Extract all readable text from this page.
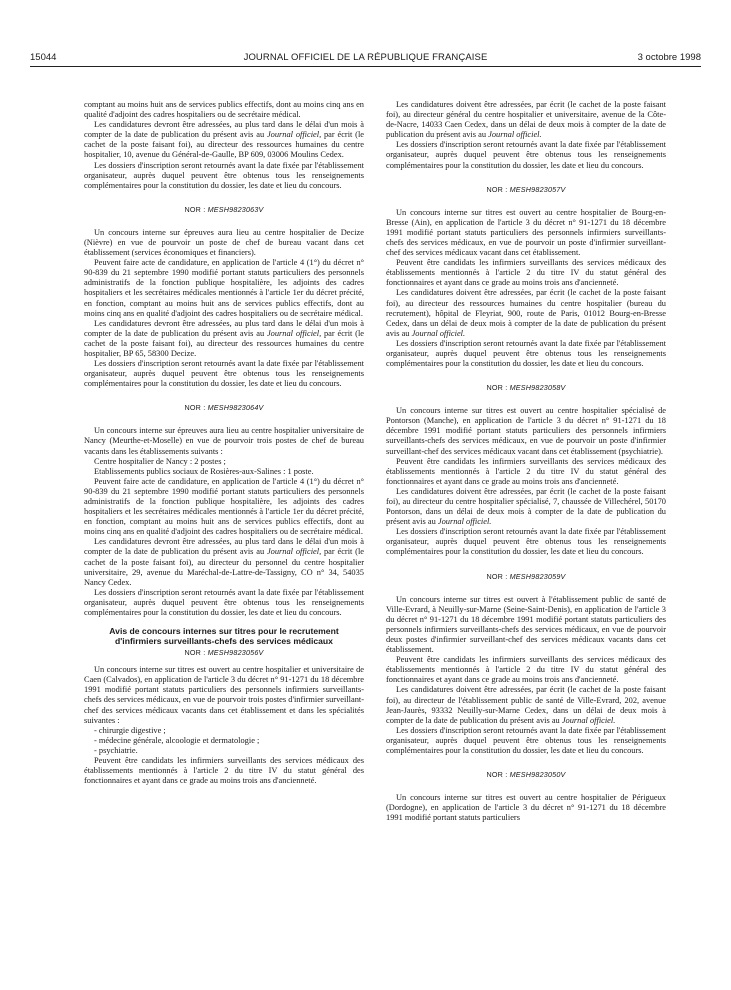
15044	JOURNAL OFFICIEL DE LA RÉPUBLIQUE FRANÇAISE	3 octobre 1998

comptant au moins huit ans de services publics effectifs, dont au moins cinq ans en qualité d'adjoint des cadres hospitaliers ou de secrétaire médical.

Les candidatures devront être adressées, au plus tard dans le délai d'un mois à compter de la date de publication du présent avis au Journal officiel, par écrit (le cachet de la poste faisant foi), au directeur des ressources humaines du centre hospitalier, 10, avenue du Général-de-Gaulle, BP 609, 03006 Moulins Cedex.

Les dossiers d'inscription seront retournés avant la date fixée par l'établissement organisateur, auprès duquel peuvent être obtenus tous les renseignements complémentaires pour la constitution du dossier, les date et lieu du concours.

NOR : MESH9823063V

Un concours interne sur épreuves aura lieu au centre hospitalier de Decize (Nièvre) en vue de pourvoir un poste de chef de bureau vacant dans cet établissement (services économiques et financiers).

Peuvent faire acte de candidature, en application de l'article 4 (1°) du décret n° 90-839 du 21 septembre 1990 modifié portant statuts particuliers des personnels administratifs de la fonction publique hospitalière, les adjoints des cadres hospitaliers et les secrétaires médicales mentionnés à l'article 1er du décret précité, en fonction, comptant au moins huit ans de services publics effectifs, dont au moins cinq ans en qualité d'adjoint des cadres hospitaliers ou de secrétaire médical.

Les candidatures devront être adressées, au plus tard dans le délai d'un mois à compter de la date de publication du présent avis au Journal officiel, par écrit (le cachet de la poste faisant foi), au directeur des ressources humaines du centre hospitalier, BP 65, 58300 Decize.

Les dossiers d'inscription seront retournés avant la date fixée par l'établissement organisateur, auprès duquel peuvent être obtenus tous les renseignements complémentaires pour la constitution du dossier, les date et lieu du concours.

NOR : MESH9823064V

Un concours interne sur épreuves aura lieu au centre hospitalier universitaire de Nancy (Meurthe-et-Moselle) en vue de pourvoir trois postes de chef de bureau vacants dans les établissements suivants :

Centre hospitalier de Nancy : 2 postes ;

Etablissements publics sociaux de Rosières-aux-Salines : 1 poste.

Peuvent faire acte de candidature, en application de l'article 4 (1°) du décret n° 90-839 du 21 septembre 1990 modifié portant statuts particuliers des personnels administratifs de la fonction publique hospitalière, les adjoints des cadres hospitaliers et les secrétaires médicales mentionnés à l'article 1er du décret précité, en fonction, comptant au moins huit ans de services publics effectifs, dont au moins cinq ans en qualité d'adjoint des cadres hospitaliers ou de secrétaire médical.

Les candidatures devront être adressées, au plus tard dans le délai d'un mois à compter de la date de publication du présent avis au Journal officiel, par écrit (le cachet de la poste faisant foi), au directeur du personnel du centre hospitalier universitaire, 29, avenue du Maréchal-de-Lattre-de-Tassigny, CO n° 34, 54035 Nancy Cedex.

Les dossiers d'inscription seront retournés avant la date fixée par l'établissement organisateur, auprès duquel peuvent être obtenus tous les renseignements complémentaires pour la constitution du dossier, les date et lieu du concours.

Avis de concours internes sur titres pour le recrutement d'infirmiers surveillants-chefs des services médicaux
NOR : MESH9823056V

Un concours interne sur titres est ouvert au centre hospitalier et universitaire de Caen (Calvados), en application de l'article 3 du décret n° 91-1271 du 18 décembre 1991 modifié portant statuts particuliers des personnels infirmiers surveillants-chefs des services médicaux, en vue de pourvoir trois postes d'infirmier surveillant-chef des services médicaux vacants dans cet établissement et dans les spécialités suivantes :

- chirurgie digestive ;
- médecine générale, alcoologie et dermatologie ;
- psychiatrie.

Peuvent être candidats les infirmiers surveillants des services médicaux des établissements mentionnés à l'article 2 du titre IV du statut général des fonctionnaires et ayant dans ce grade au moins trois ans d'ancienneté.

Les candidatures doivent être adressées, par écrit (le cachet de la poste faisant foi), au directeur général du centre hospitalier et universitaire, avenue de la Côte-de-Nacre, 14033 Caen Cedex, dans un délai de deux mois à compter de la date de publication du présent avis au Journal officiel.

Les dossiers d'inscription seront retournés avant la date fixée par l'établissement organisateur, auprès duquel peuvent être obtenus tous les renseignements complémentaires pour la constitution du dossier, les date et lieu du concours.

NOR : MESH9823057V

Un concours interne sur titres est ouvert au centre hospitalier de Bourg-en-Bresse (Ain), en application de l'article 3 du décret n° 91-1271 du 18 décembre 1991 modifié portant statuts particuliers des personnels infirmiers surveillants-chefs des services médicaux, en vue de pourvoir un poste d'infirmier surveillant-chef des services médicaux vacant dans cet établissement.

Peuvent être candidats les infirmiers surveillants des services médicaux des établissements mentionnés à l'article 2 du titre IV du statut général des fonctionnaires et ayant dans ce grade au moins trois ans d'ancienneté.

Les candidatures doivent être adressées, par écrit (le cachet de la poste faisant foi), au directeur des ressources humaines du centre hospitalier (bureau du recrutement), hôpital de Fleyriat, 900, route de Paris, 01012 Bourg-en-Bresse Cedex, dans un délai de deux mois à compter de la date de publication du présent avis au Journal officiel.

Les dossiers d'inscription seront retournés avant la date fixée par l'établissement organisateur, auprès duquel peuvent être obtenus tous les renseignements complémentaires pour la constitution du dossier, les date et lieu du concours.

NOR : MESH9823058V

Un concours interne sur titres est ouvert au centre hospitalier spécialisé de Pontorson (Manche), en application de l'article 3 du décret n° 91-1271 du 18 décembre 1991 modifié portant statuts particuliers des personnels infirmiers surveillants-chefs des services médicaux, en vue de pourvoir un poste d'infirmier surveillant-chef des services médicaux vacant dans cet établissement (psychiatrie).

Peuvent être candidats les infirmiers surveillants des services médicaux des établissements mentionnés à l'article 2 du titre IV du statut général des fonctionnaires et ayant dans ce grade au moins trois ans d'ancienneté.

Les candidatures doivent être adressées, par écrit (le cachet de la poste faisant foi), au directeur du centre hospitalier spécialisé, 7, chaussée de Villechérel, 50170 Pontorson, dans un délai de deux mois à compter de la date de publication du présent avis au Journal officiel.

Les dossiers d'inscription seront retournés avant la date fixée par l'établissement organisateur, auprès duquel peuvent être obtenus tous les renseignements complémentaires pour la constitution du dossier, les date et lieu du concours.

NOR : MESH9823059V

Un concours interne sur titres est ouvert à l'établissement public de santé de Ville-Evrard, à Neuilly-sur-Marne (Seine-Saint-Denis), en application de l'article 3 du décret n° 91-1271 du 18 décembre 1991 modifié portant statuts particuliers des personnels infirmiers surveillants-chefs des services médicaux, en vue de pourvoir deux postes d'infirmier surveillant-chef des services médicaux vacants dans cet établissement.

Peuvent être candidats les infirmiers surveillants des services médicaux des établissements mentionnés à l'article 2 du titre IV du statut général des fonctionnaires et ayant dans ce grade au moins trois ans d'ancienneté.

Les candidatures doivent être adressées, par écrit (le cachet de la poste faisant foi), au directeur de l'établissement public de santé de Ville-Evrard, 202, avenue Jean-Jaurès, 93332 Neuilly-sur-Marne Cedex, dans un délai de deux mois à compter de la date de publication du présent avis au Journal officiel.

Les dossiers d'inscription seront retournés avant la date fixée par l'établissement organisateur, auprès duquel peuvent être obtenus tous les renseignements complémentaires pour la constitution du dossier, les date et lieu du concours.

NOR : MESH9823050V

Un concours interne sur titres est ouvert au centre hospitalier de Périgueux (Dordogne), en application de l'article 3 du décret n° 91-1271 du 18 décembre 1991 modifié portant statuts particuliers
